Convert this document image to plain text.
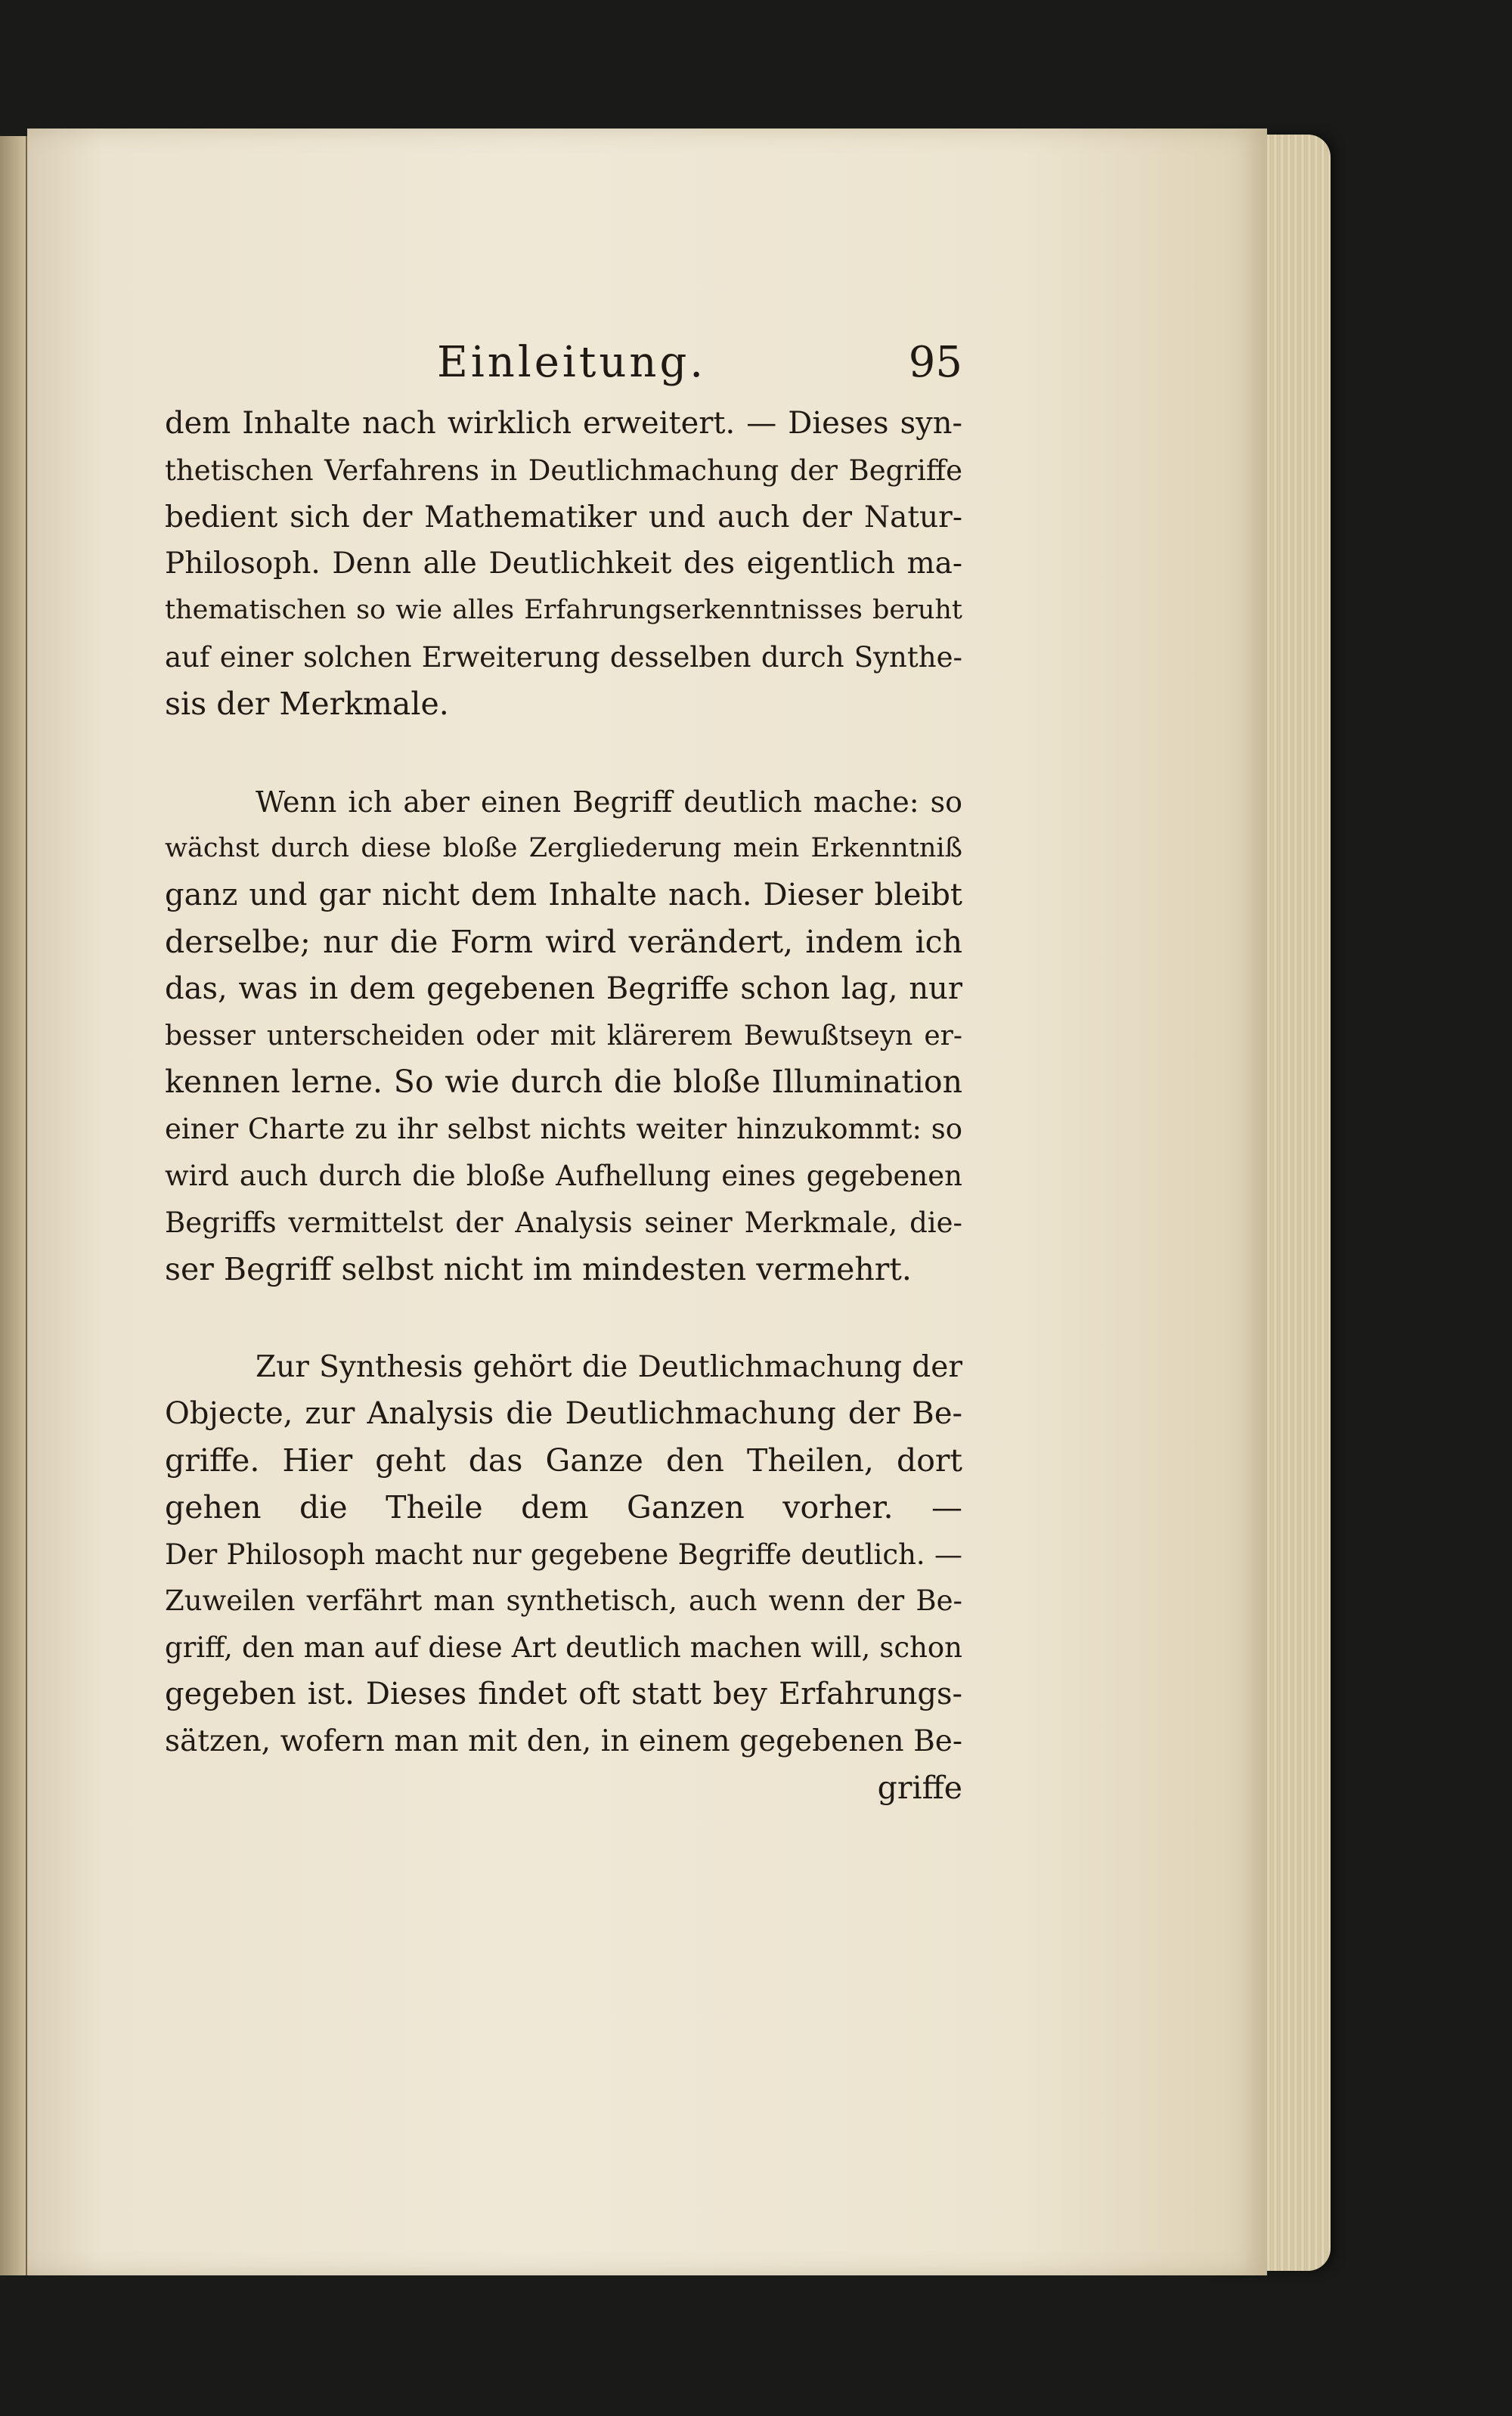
Einleitung.	95
dem Inhalte nach wirklich erweitert. — Dieses syn-
thetischen Verfahrens in Deutlichmachung der Begriffe
bedient sich der Mathematiker und auch der Natur-
Philosoph. Denn alle Deutlichkeit des eigentlich ma-
thematischen so wie alles Erfahrungserkenntnisses beruht
auf einer solchen Erweiterung desselben durch Synthe-
sis der Merkmale.
Wenn ich aber einen Begriff deutlich mache: so
wächst durch diese bloße Zergliederung mein Erkenntniß
ganz und gar nicht dem Inhalte nach. Dieser bleibt
derselbe; nur die Form wird verändert, indem ich
das, was in dem gegebenen Begriffe schon lag, nur
besser unterscheiden oder mit klärerem Bewußtseyn er-
kennen lerne. So wie durch die bloße Illumination
einer Charte zu ihr selbst nichts weiter hinzukommt: so
wird auch durch die bloße Aufhellung eines gegebenen
Begriffs vermittelst der Analysis seiner Merkmale, die-
ser Begriff selbst nicht im mindesten vermehrt.
Zur Synthesis gehört die Deutlichmachung der
Objecte, zur Analysis die Deutlichmachung der Be-
griffe. Hier geht das Ganze den Theilen, dort
gehen die Theile dem Ganzen vorher. —
Der Philosoph macht nur gegebene Begriffe deutlich. —
Zuweilen verfährt man synthetisch, auch wenn der Be-
griff, den man auf diese Art deutlich machen will, schon
gegeben ist. Dieses findet oft statt bey Erfahrungs-
sätzen, wofern man mit den, in einem gegebenen Be-
griffe
